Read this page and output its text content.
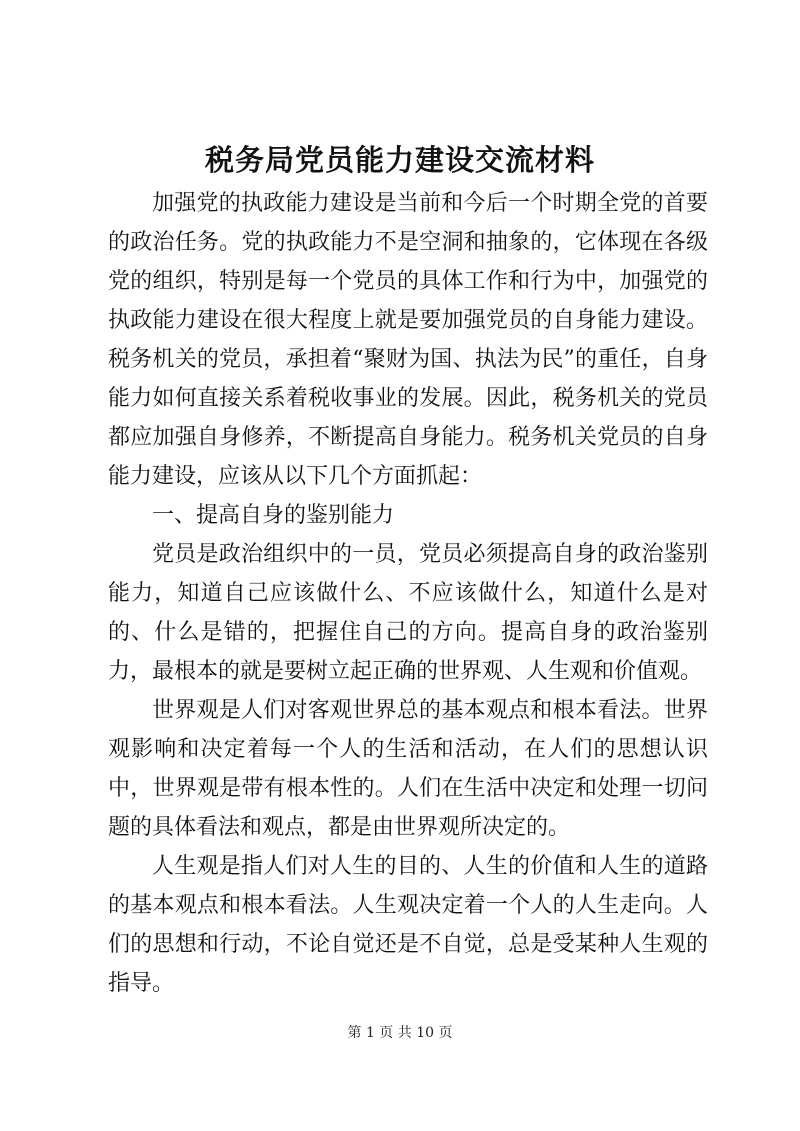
税务局党员能力建设交流材料

加强党的执政能力建设是当前和今后一个时期全党的首要的政治任务。党的执政能力不是空洞和抽象的，它体现在各级党的组织，特别是每一个党员的具体工作和行为中，加强党的执政能力建设在很大程度上就是要加强党员的自身能力建设。税务机关的党员，承担着“聚财为国、执法为民”的重任，自身能力如何直接关系着税收事业的发展。因此，税务机关的党员都应加强自身修养，不断提高自身能力。税务机关党员的自身能力建设，应该从以下几个方面抓起：

一、提高自身的鉴别能力

党员是政治组织中的一员，党员必须提高自身的政治鉴别能力，知道自己应该做什么、不应该做什么，知道什么是对的、什么是错的，把握住自己的方向。提高自身的政治鉴别力，最根本的就是要树立起正确的世界观、人生观和价值观。

世界观是人们对客观世界总的基本观点和根本看法。世界观影响和决定着每一个人的生活和活动，在人们的思想认识中，世界观是带有根本性的。人们在生活中决定和处理一切问题的具体看法和观点，都是由世界观所决定的。

人生观是指人们对人生的目的、人生的价值和人生的道路的基本观点和根本看法。人生观决定着一个人的人生走向。人们的思想和行动，不论自觉还是不自觉，总是受某种人生观的指导。

第 1 页 共 10 页
